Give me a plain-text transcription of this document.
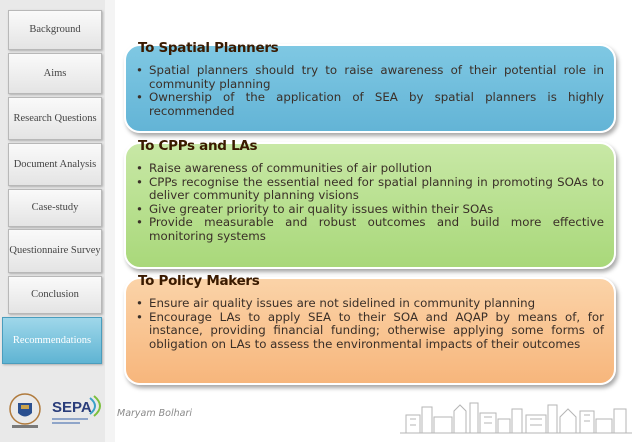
Background
Aims
Research Questions
Document Analysis
Case-study
Questionnaire Survey
Conclusion
Recommendations
To Spatial Planners
• Spatial planners should try to raise awareness of their potential role in community planning
• Ownership of the application of SEA by spatial planners is highly recommended
To CPPs and LAs
• Raise awareness of communities of air pollution
• CPPs recognise the essential need for spatial planning in promoting SOAs to deliver community planning visions
• Give greater priority to air quality issues within their SOAs
• Provide measurable and robust outcomes and build more effective monitoring systems
To Policy Makers
• Ensure air quality issues are not sidelined in community planning
• Encourage LAs to apply SEA to their SOA and AQAP by means of, for instance, providing financial funding; otherwise applying some forms of obligation on LAs to assess the environmental impacts of their outcomes
SEPA	Maryam Bolhari
